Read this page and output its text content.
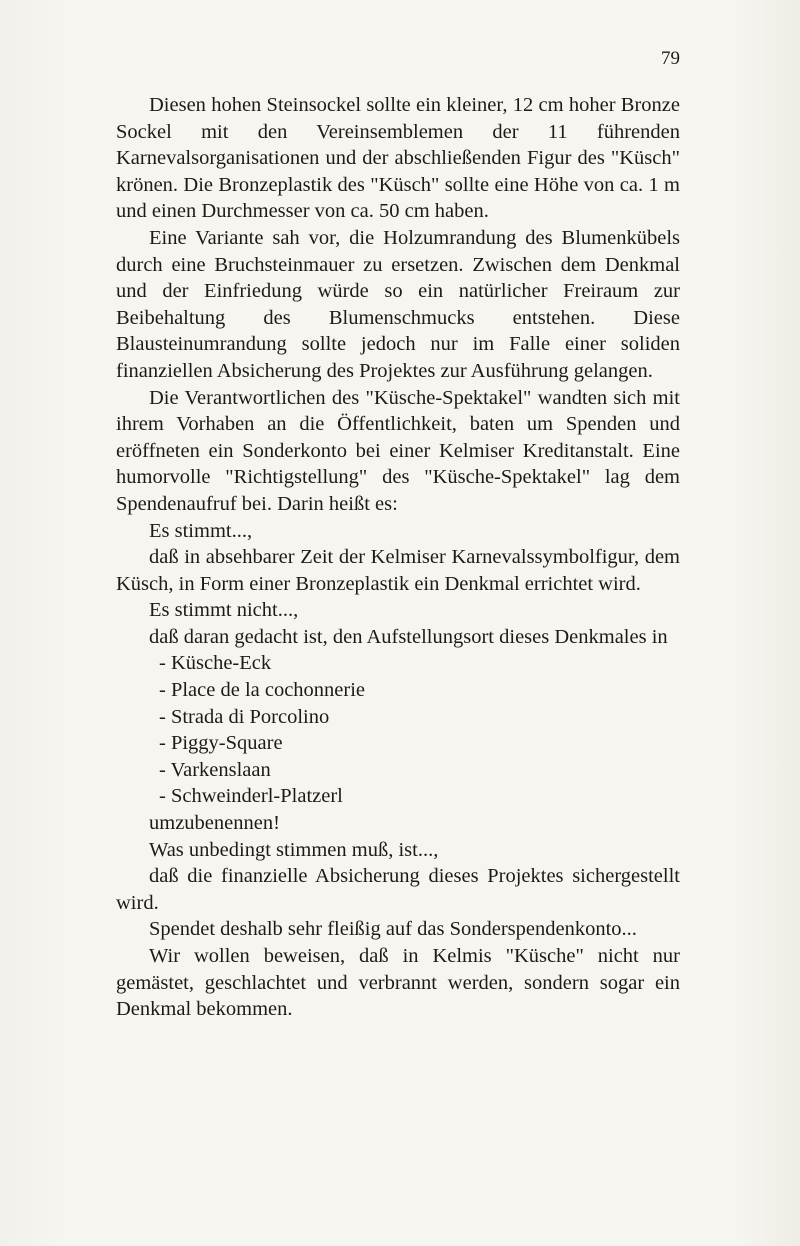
79

Diesen hohen Steinsockel sollte ein kleiner, 12 cm hoher Bronze Sockel mit den Vereinsemblemen der 11 führenden Karnevalsorganisationen und der abschließenden Figur des "Küsch" krönen. Die Bronzeplastik des "Küsch" sollte eine Höhe von ca. 1 m und einen Durchmesser von ca. 50 cm haben.

Eine Variante sah vor, die Holzumrandung des Blumenkübels durch eine Bruchsteinmauer zu ersetzen. Zwischen dem Denkmal und der Einfriedung würde so ein natürlicher Freiraum zur Beibehaltung des Blumenschmucks entstehen. Diese Blausteinumrandung sollte jedoch nur im Falle einer soliden finanziellen Absicherung des Projektes zur Ausführung gelangen.

Die Verantwortlichen des "Küsche-Spektakel" wandten sich mit ihrem Vorhaben an die Öffentlichkeit, baten um Spenden und eröffneten ein Sonderkonto bei einer Kelmiser Kreditanstalt. Eine humorvolle "Richtigstellung" des "Küsche-Spektakel" lag dem Spendenaufruf bei. Darin heißt es:

Es stimmt...,

daß in absehbarer Zeit der Kelmiser Karnevalssymbolfigur, dem Küsch, in Form einer Bronzeplastik ein Denkmal errichtet wird.

Es stimmt nicht...,

daß daran gedacht ist, den Aufstellungsort dieses Denkmales in

- Küsche-Eck
- Place de la cochonnerie
- Strada di Porcolino
- Piggy-Square
- Varkenslaan
- Schweinderl-Platzerl

umzubenennen!

Was unbedingt stimmen muß, ist...,

daß die finanzielle Absicherung dieses Projektes sichergestellt wird.

Spendet deshalb sehr fleißig auf das Sonderspendenkonto...

Wir wollen beweisen, daß in Kelmis "Küsche" nicht nur gemästet, geschlachtet und verbrannt werden, sondern sogar ein Denkmal bekommen.
